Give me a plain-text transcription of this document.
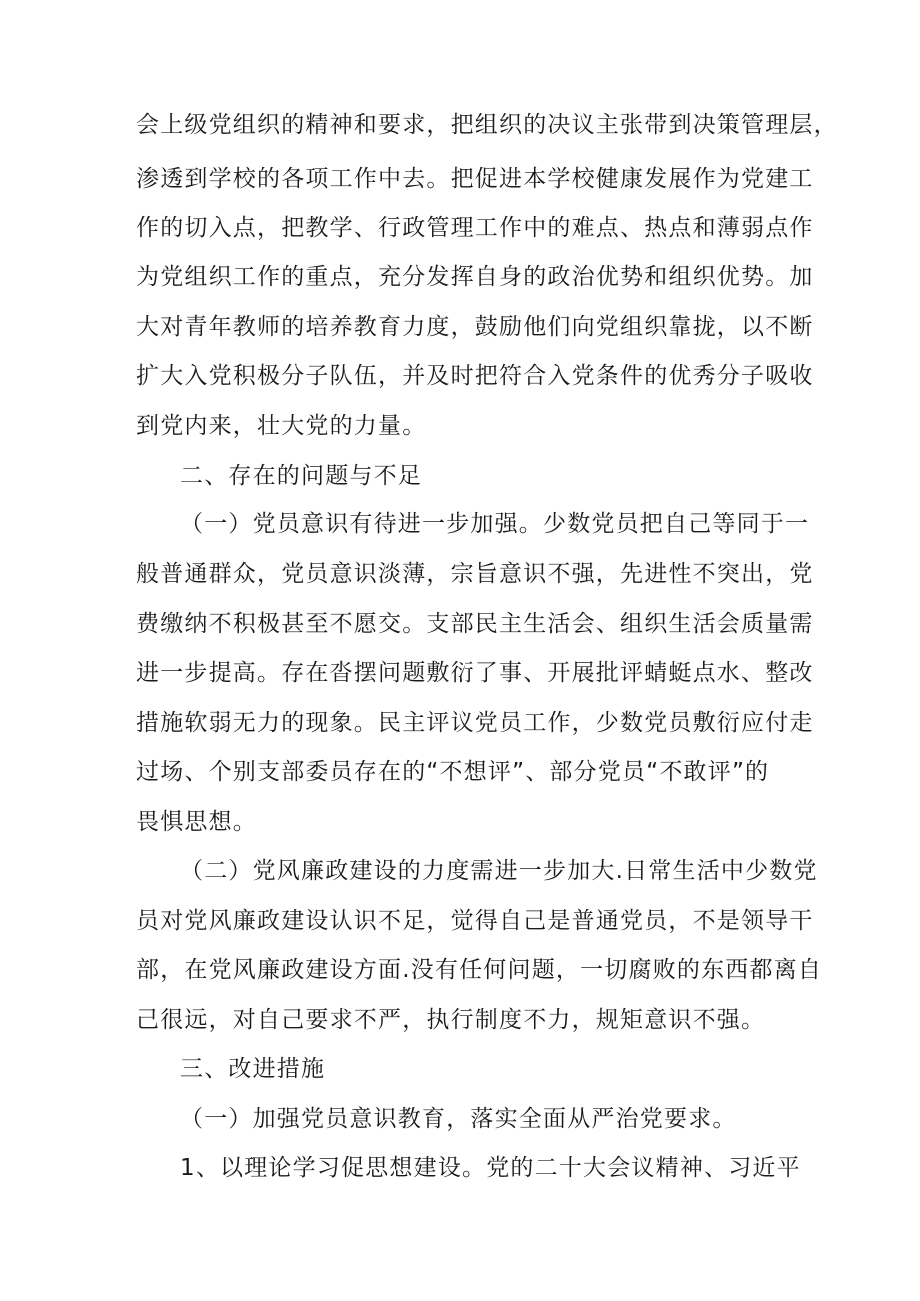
会上级党组织的精神和要求，把组织的决议主张带到决策管理层，
渗透到学校的各项工作中去。把促进本学校健康发展作为党建工
作的切入点，把教学、行政管理工作中的难点、热点和薄弱点作
为党组织工作的重点，充分发挥自身的政治优势和组织优势。加
大对青年教师的培养教育力度，鼓励他们向党组织靠拢，以不断
扩大入党积极分子队伍，并及时把符合入党条件的优秀分子吸收
到党内来，壮大党的力量。
二、存在的问题与不足
（一）党员意识有待进一步加强。少数党员把自己等同于一
般普通群众，党员意识淡薄，宗旨意识不强，先进性不突出，党
费缴纳不积极甚至不愿交。支部民主生活会、组织生活会质量需
进一步提高。存在沓摆问题敷衍了事、开展批评蜻蜓点水、整改
措施软弱无力的现象。民主评议党员工作，少数党员敷衍应付走
过场、个别支部委员存在的“不想评”、部分党员“不敢评”的
畏惧思想。
（二）党风廉政建设的力度需进一步加大.日常生活中少数党
员对党风廉政建设认识不足，觉得自己是普通党员，不是领导干
部，在党风廉政建设方面.没有任何问题，一切腐败的东西都离自
己很远，对自己要求不严，执行制度不力，规矩意识不强。
三、改进措施
（一）加强党员意识教育，落实全面从严治党要求。
1、以理论学习促思想建设。党的二十大会议精神、习近平
